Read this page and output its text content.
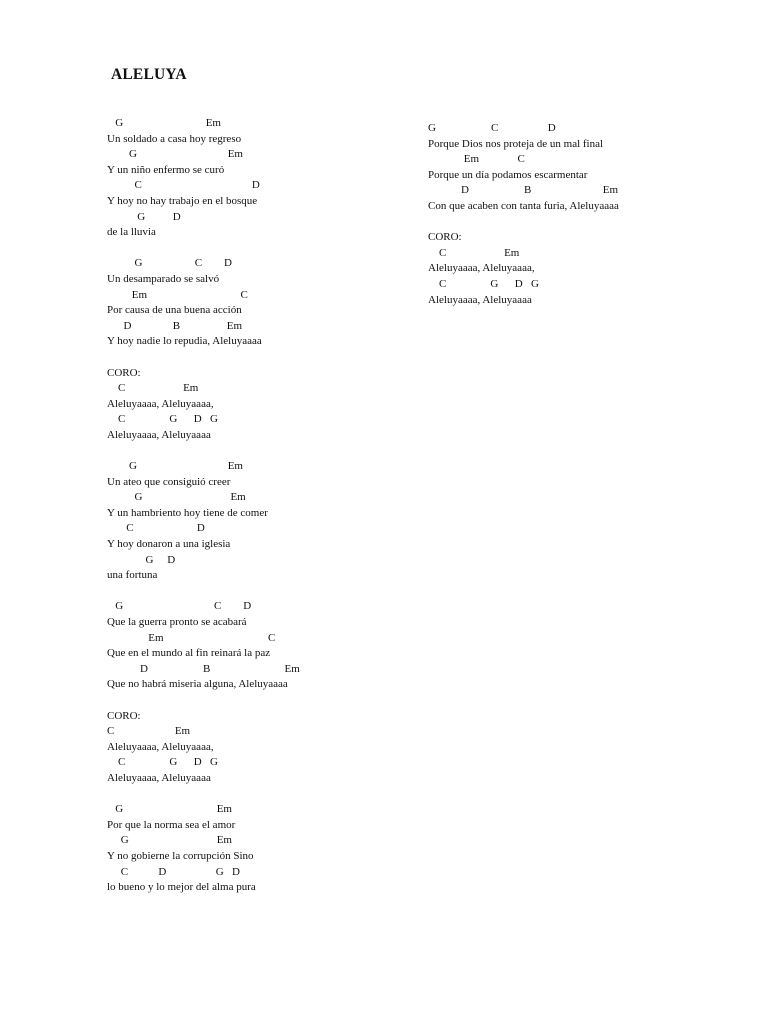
ALELUYA
G                              Em
Un soldado a casa hoy regreso
G                                 Em
Y un niño enfermo se curó
C                                        D
Y hoy no hay trabajo en el bosque
G          D
de la lluvia
G                   C        D
Un desamparado se salvó
Em                                  C
Por causa de una buena acción
D               B                 Em
Y hoy nadie lo repudia, Aleluyaaaa
CORO:
C                     Em
Aleluyaaaa, Aleluyaaaa,
C                G      D   G
Aleluyaaaa, Aleluyaaaa
G                                 Em
Un ateo que consiguió creer
G                                Em
Y un hambriento hoy tiene de comer
C                       D
Y hoy donaron a una iglesia
G     D
una fortuna
G                                 C        D
Que la guerra pronto se acabará
Em                                      C
Que en el mundo al fin reinará la paz
D                    B                           Em
Que no habrá miseria alguna, Aleluyaaaa
CORO:
C                      Em
Aleluyaaaa, Aleluyaaaa,
C                G      D   G
Aleluyaaaa, Aleluyaaaa
G                                  Em
Por que la norma sea el amor
G                                Em
Y no gobierne la corrupción Sino
C           D                  G   D
lo bueno y lo mejor del alma pura
G                    C                  D
Porque Dios nos proteja de un mal final
Em              C
Porque un día podamos escarmentar
D                    B                          Em
Con que acaben con tanta furia, Aleluyaaaa
CORO:
C                     Em
Aleluyaaaa, Aleluyaaaa,
C                G      D   G
Aleluyaaaa, Aleluyaaaa
